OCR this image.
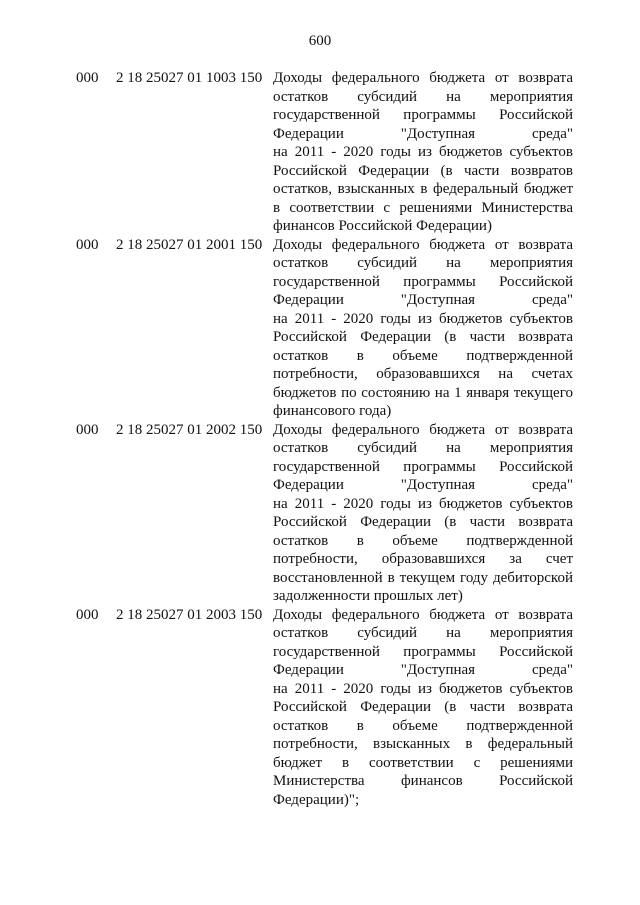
600
000 2 18 25027 01 1003 150 Доходы федерального бюджета от возврата
остатков субсидий на мероприятия
государственной программы Российской
Федерации "Доступная среда"
на 2011 - 2020 годы из бюджетов субъектов
Российской Федерации (в части возвратов
остатков, взысканных в федеральный бюджет
в соответствии с решениями Министерства
финансов Российской Федерации)
000 2 18 25027 01 2001 150 Доходы федерального бюджета от возврата
остатков субсидий на мероприятия
государственной программы Российской
Федерации "Доступная среда"
на 2011 - 2020 годы из бюджетов субъектов
Российской Федерации (в части возврата
остатков в объеме подтвержденной
потребности, образовавшихся на счетах
бюджетов по состоянию на 1 января текущего
финансового года)
000 2 18 25027 01 2002 150 Доходы федерального бюджета от возврата
остатков субсидий на мероприятия
государственной программы Российской
Федерации "Доступная среда"
на 2011 - 2020 годы из бюджетов субъектов
Российской Федерации (в части возврата
остатков в объеме подтвержденной
потребности, образовавшихся за счет
восстановленной в текущем году дебиторской
задолженности прошлых лет)
000 2 18 25027 01 2003 150 Доходы федерального бюджета от возврата
остатков субсидий на мероприятия
государственной программы Российской
Федерации "Доступная среда"
на 2011 - 2020 годы из бюджетов субъектов
Российской Федерации (в части возврата
остатков в объеме подтвержденной
потребности, взысканных в федеральный
бюджет в соответствии с решениями
Министерства финансов Российской
Федерации)";
